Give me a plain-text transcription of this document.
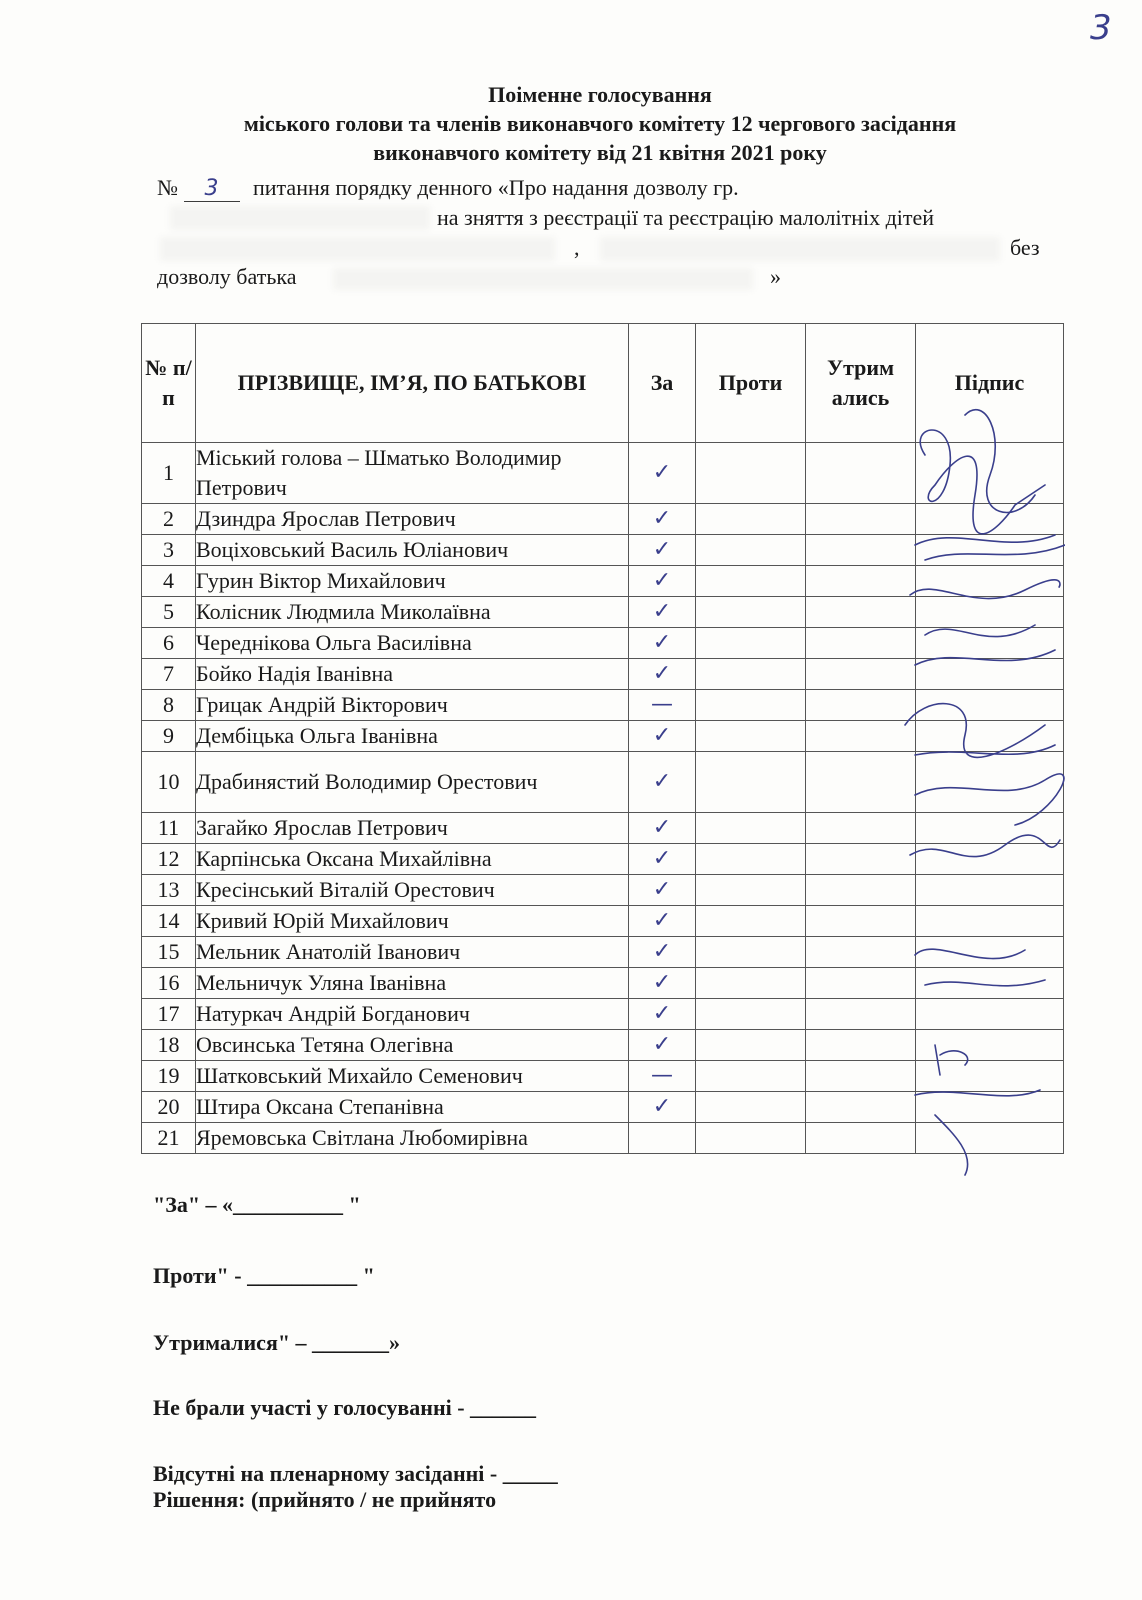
3
Поіменне голосування
міського голови та членів виконавчого комітету 12 чергового засідання
виконавчого комітету від 21 квітня 2021 року
№ 3 питання порядку денного «Про надання дозволу гр.
на зняття з реєстрації та реєстрацію малолітніх дітей
,	без
дозволу батька	»
№ п/ п	ПРІЗВИЩЕ, ІМ’Я, ПО БАТЬКОВІ	За	Проти	Утрим ались	Підпис
1	Міський голова – Шматько Володимир Петрович	✓			
2	Дзиндра Ярослав Петрович	✓			
3	Воціховський Василь Юліанович	✓			
4	Гурин Віктор Михайлович	✓			
5	Колісник Людмила Миколаївна	✓			
6	Череднікова Ольга Василівна	✓			
7	Бойко Надія Іванівна	✓			
8	Грицак Андрій Вікторович	—			
9	Дембіцька Ольга Іванівна	✓			
10	Драбинястий Володимир Орестович	✓			
11	Загайко Ярослав Петрович	✓			
12	Карпінська Оксана Михайлівна	✓			
13	Кресінський Віталій Орестович	✓			
14	Кривий Юрій Михайлович	✓			
15	Мельник Анатолій Іванович	✓			
16	Мельничук Уляна Іванівна	✓			
17	Натуркач Андрій Богданович	✓			
18	Овсинська Тетяна Олегівна	✓			
19	Шатковський Михайло Семенович	—			
20	Штира Оксана Степанівна	✓			
21	Яремовська Світлана Любомирівна				
"За" – «__________ "
Проти" - __________ "
Утрималися" – _______»
Не брали участі у голосуванні - ______
Відсутні на пленарному засіданні - _____
Рішення: (прийнято / не прийнято
